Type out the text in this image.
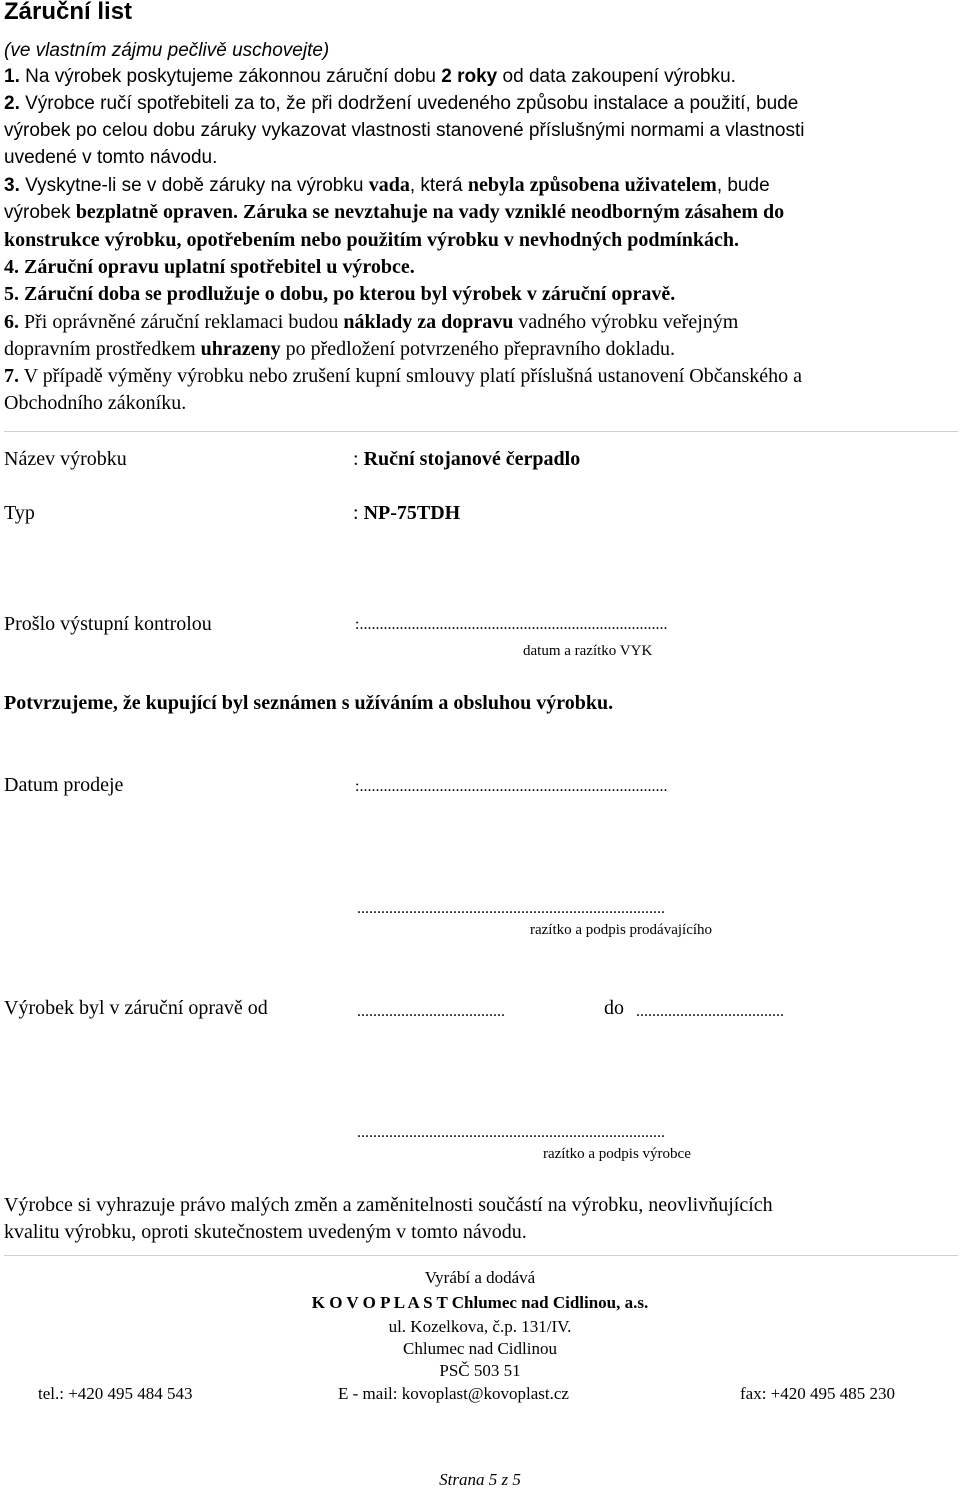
Záruční list
(ve vlastním zájmu pečlivě uschovejte)
1. Na výrobek poskytujeme zákonnou záruční dobu 2 roky od data zakoupení výrobku.
2. Výrobce ručí spotřebiteli za to, že při dodržení uvedeného způsobu instalace a použití, bude
výrobek po celou dobu záruky vykazovat vlastnosti stanovené příslušnými normami a vlastnosti
uvedené v tomto návodu.
3. Vyskytne-li se v době záruky na výrobku vada, která nebyla způsobena uživatelem, bude
výrobek bezplatně opraven. Záruka se nevztahuje na vady vzniklé neodborným zásahem do
konstrukce výrobku, opotřebením nebo použitím výrobku v nevhodných podmínkách.
4. Záruční opravu uplatní spotřebitel u výrobce.
5. Záruční doba se prodlužuje o dobu, po kterou byl výrobek v záruční opravě.
6. Při oprávněné záruční reklamaci budou náklady za dopravu vadného výrobku veřejným
dopravním prostředkem uhrazeny po předložení potvrzeného přepravního dokladu.
7. V případě výměny výrobku nebo zrušení kupní smlouvy platí příslušná ustanovení Občanského a
Obchodního zákoníku.
Název výrobku	: Ruční stojanové čerpadlo
Typ	: NP-75TDH
Prošlo výstupní kontrolou	:.............................................................................
datum a razítko VYK
Potvrzujeme, že kupující byl seznámen s užíváním a obsluhou výrobku.
Datum prodeje	:.............................................................................
.............................................................................
razítko a podpis prodávajícího
Výrobek byl v záruční opravě od	.....................................	do .....................................
.............................................................................
razítko a podpis výrobce
Výrobce si vyhrazuje právo malých změn a zaměnitelnosti součástí na výrobku, neovlivňujících
kvalitu výrobku, oproti skutečnostem uvedeným v tomto návodu.
Vyrábí a dodává
K O V O P L A S T Chlumec nad Cidlinou, a.s.
ul. Kozelkova, č.p. 131/IV.
Chlumec nad Cidlinou
PSČ 503 51
tel.: +420 495 484 543	E - mail: kovoplast@kovoplast.cz	fax: +420 495 485 230
Strana 5 z 5
